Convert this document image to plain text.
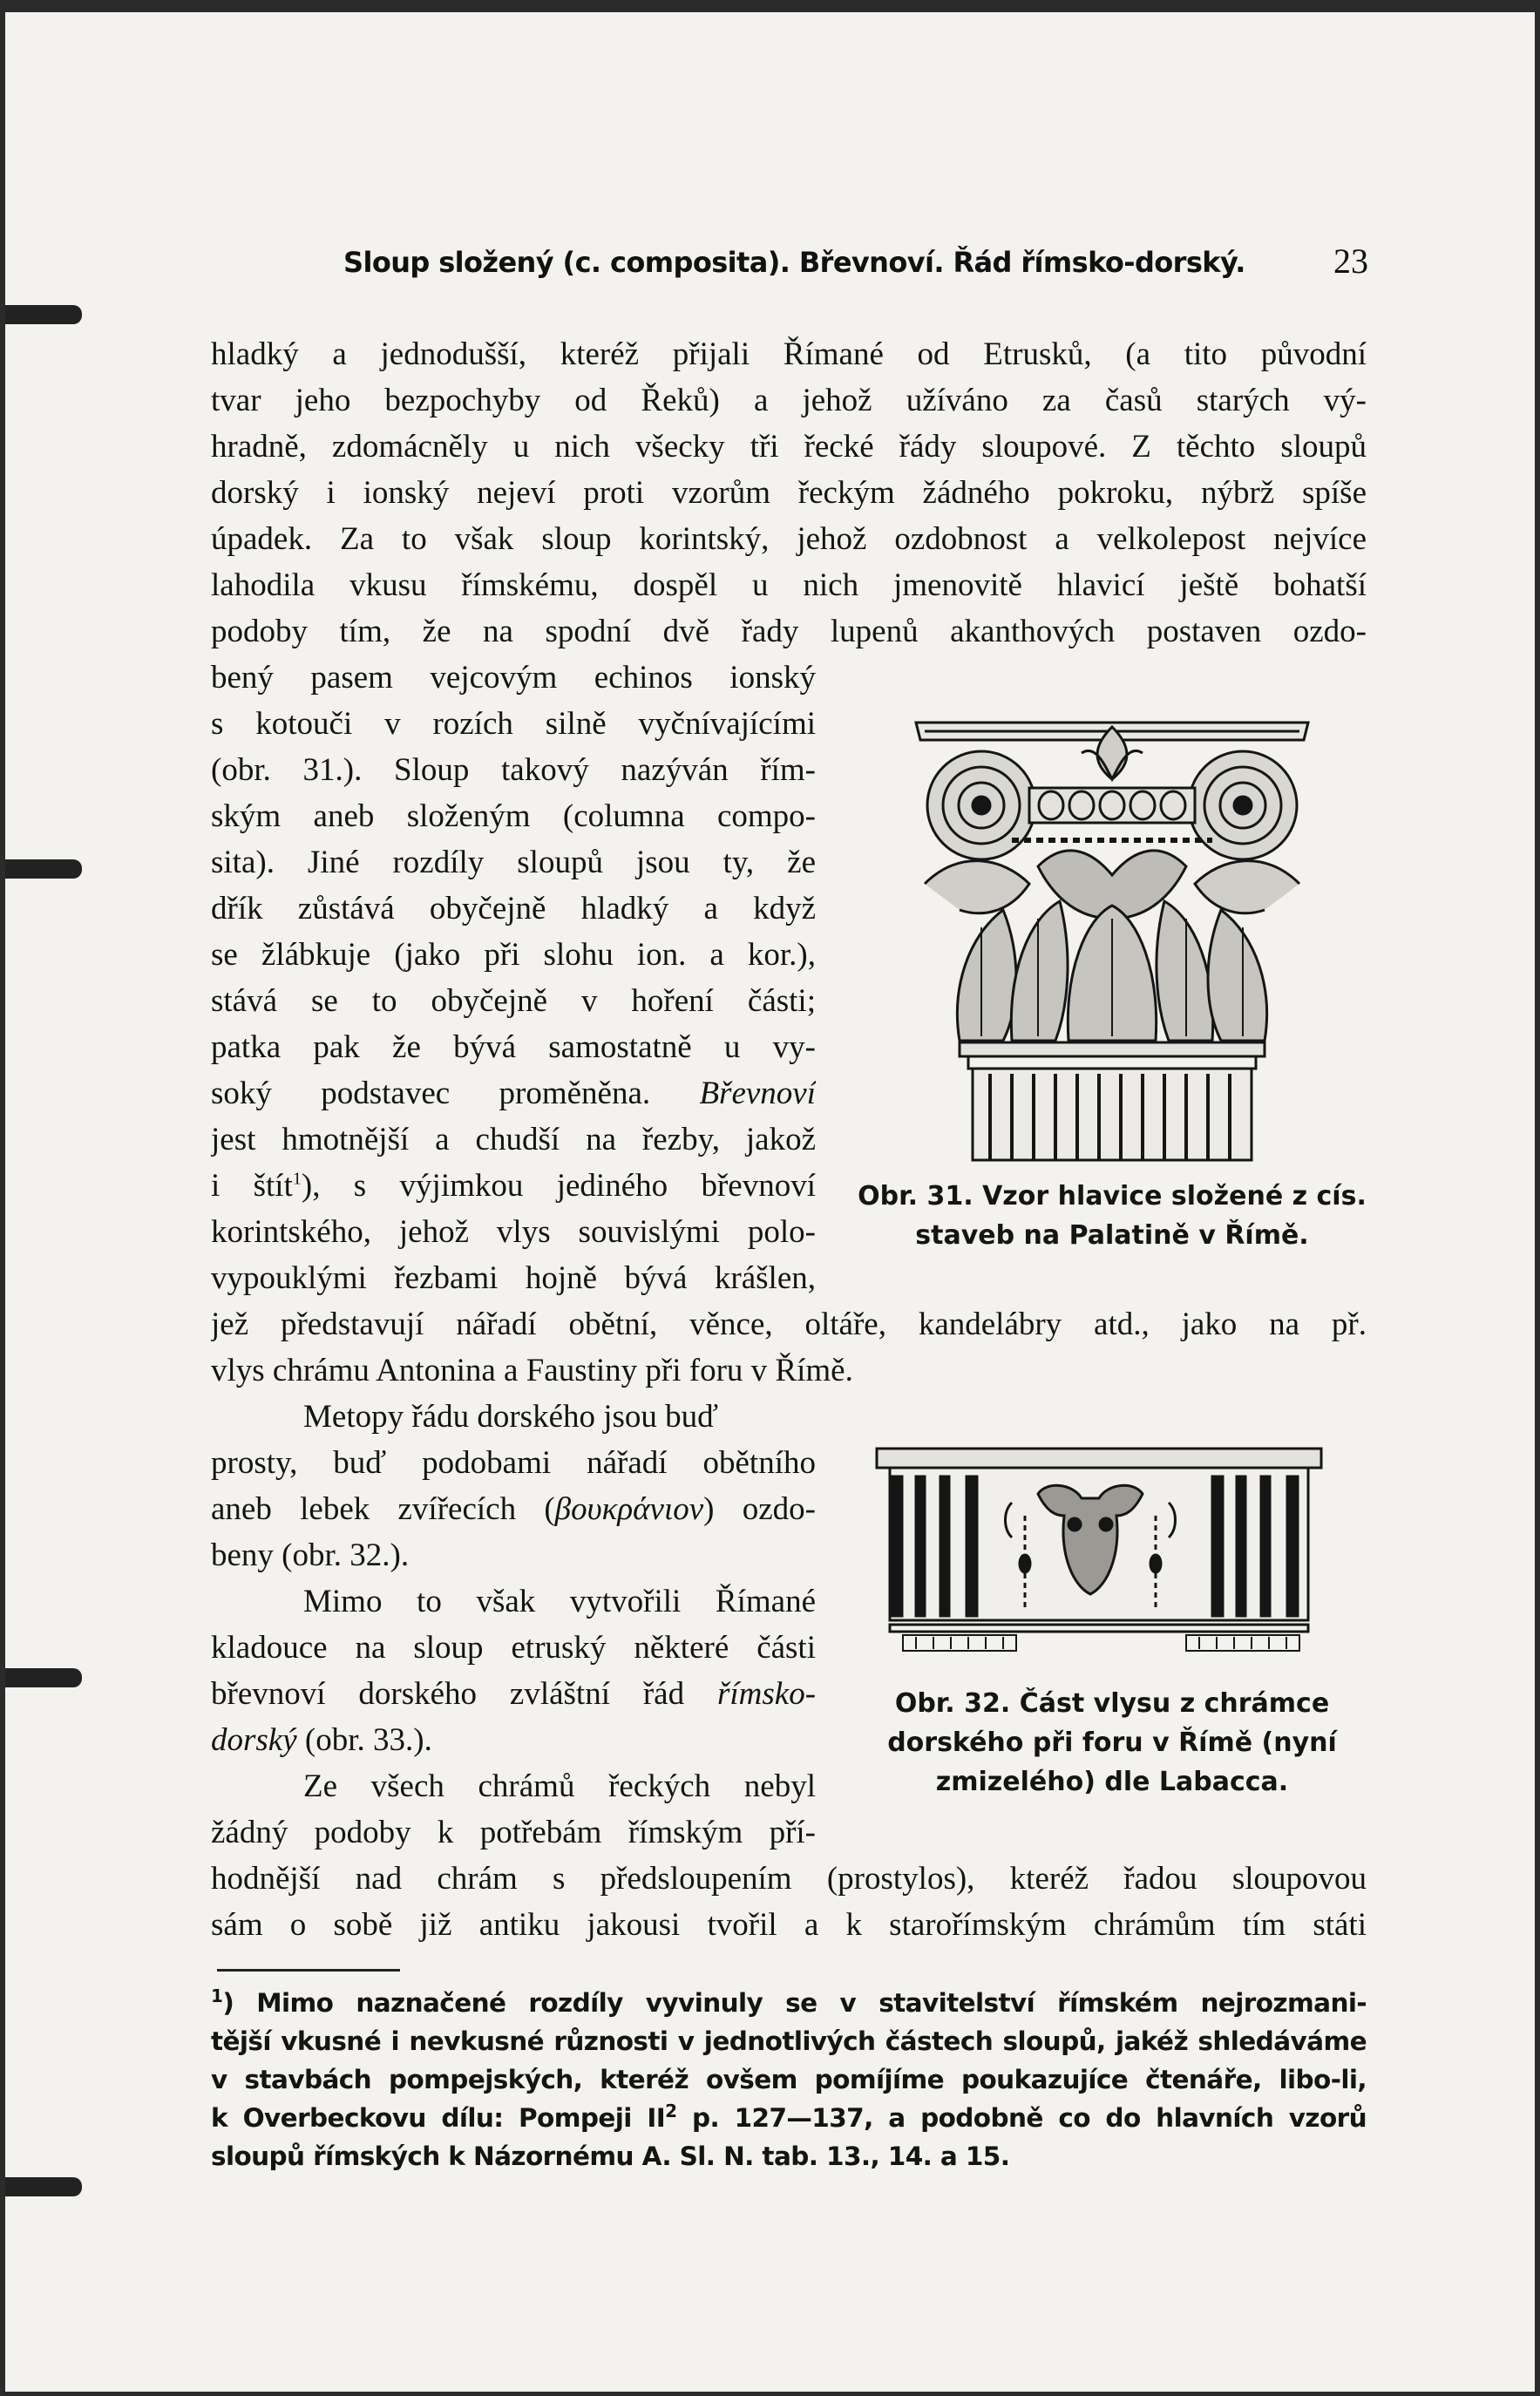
Sloup složený (c. composita). Břevnoví. Řád římsko-dorský.	23
hladký a jednodušší, kteréž přijali Římané od Etrusků, (a tito původní
tvar jeho bezpochyby od Řeků) a jehož užíváno za časů starých vý-
hradně, zdomácněly u nich všecky tři řecké řády sloupové. Z těchto sloupů
dorský i ionský nejeví proti vzorům řeckým žádného pokroku, nýbrž spíše
úpadek. Za to však sloup korintský, jehož ozdobnost a velkolepost nejvíce
lahodila vkusu římskému, dospěl u nich jmenovitě hlavicí ještě bohatší
podoby tím, že na spodní dvě řady lupenů akanthových postaven ozdo-
bený pasem vejcovým echinos ionský
s kotouči v rozích silně vyčnívajícími
(obr. 31.). Sloup takový nazýván řím-
ským aneb složeným (columna compo-
sita). Jiné rozdíly sloupů jsou ty, že
dřík zůstává obyčejně hladký a když
se žlábkuje (jako při slohu ion. a kor.),
stává se to obyčejně v hoření části;
patka pak že bývá samostatně u vy-
soký podstavec proměněna. Břevnoví
jest hmotnější a chudší na řezby, jakož
i štít$^1$), s výjimkou jediného břevnoví
korintského, jehož vlys souvislými polo-
vypouklými řezbami hojně bývá krášlen,
jež představují nářadí obětní, věnce, oltáře, kandelábry atd., jako na př.
vlys chrámu Antonina a Faustiny při foru v Římě.
Metopy řádu dorského jsou buď
prosty, buď podobami nářadí obětního
aneb lebek zvířecích (βουκράνιον) ozdo-
beny (obr. 32.).
Mimo to však vytvořili Římané
kladouce na sloup etruský některé části
břevnoví dorského zvláštní řád římsko-
dorský (obr. 33.).
Ze všech chrámů řeckých nebyl
žádný podoby k potřebám římským pří-
hodnější nad chrám s předsloupením (prostylos), kteréž řadou sloupovou
sám o sobě již antiku jakousi tvořil a k starořímským chrámům tím státi
Obr. 31. Vzor hlavice složené z cís.
staveb na Palatině v Římě.
Obr. 32. Část vlysu z chrámce
dorského při foru v Římě (nyní
zmizelého) dle Labacca.
$^1$) Mimo naznačené rozdíly vyvinuly se v stavitelství římském nejrozmani-
tější vkusné i nevkusné různosti v jednotlivých částech sloupů, jakéž shledáváme
v stavbách pompejských, kteréž ovšem pomíjíme poukazujíce čtenáře, libo-li,
k Overbeckovu dílu: Pompeji $II^2$ p. 127—137, a podobně co do hlavních vzorů
sloupů římských k Názornému A. Sl. N. tab. 13., 14. a 15.
